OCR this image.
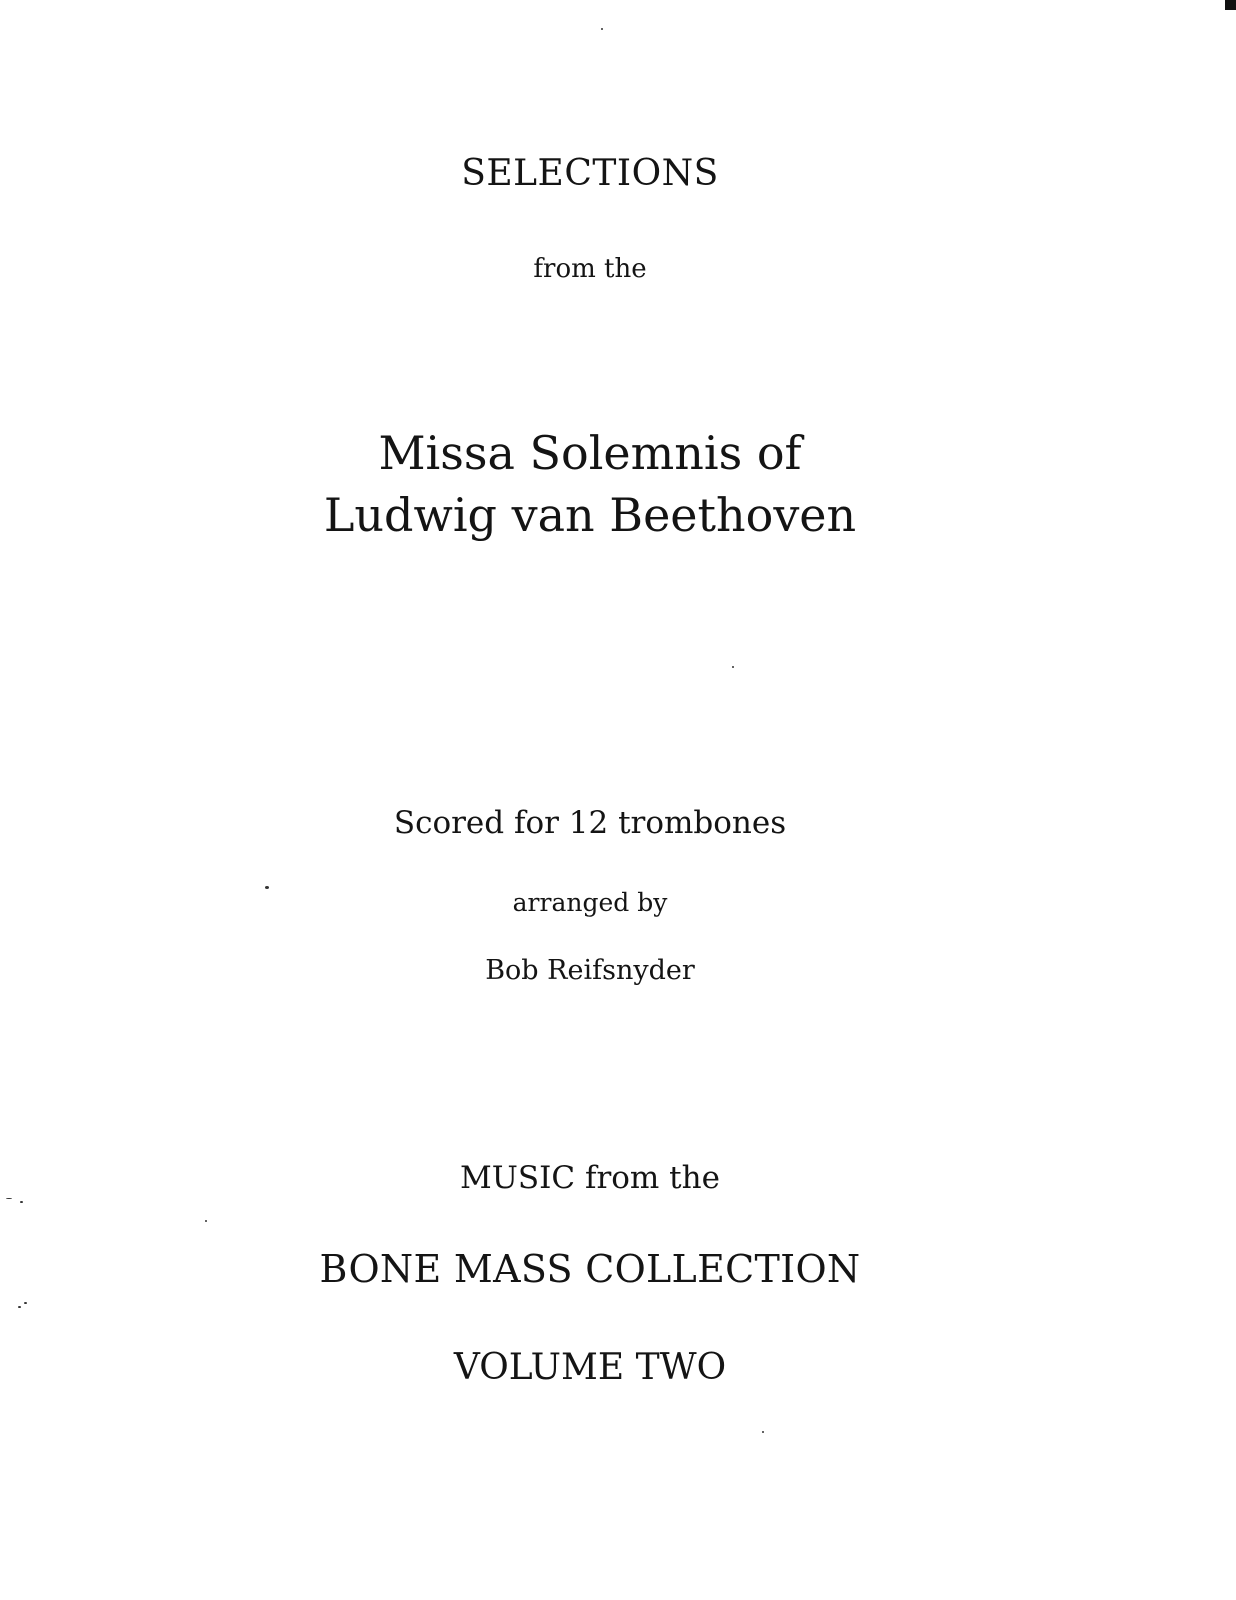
SELECTIONS
from the
Missa Solemnis of
Ludwig van Beethoven
Scored for 12 trombones
arranged by
Bob Reifsnyder
MUSIC from the
BONE MASS COLLECTION
VOLUME TWO
